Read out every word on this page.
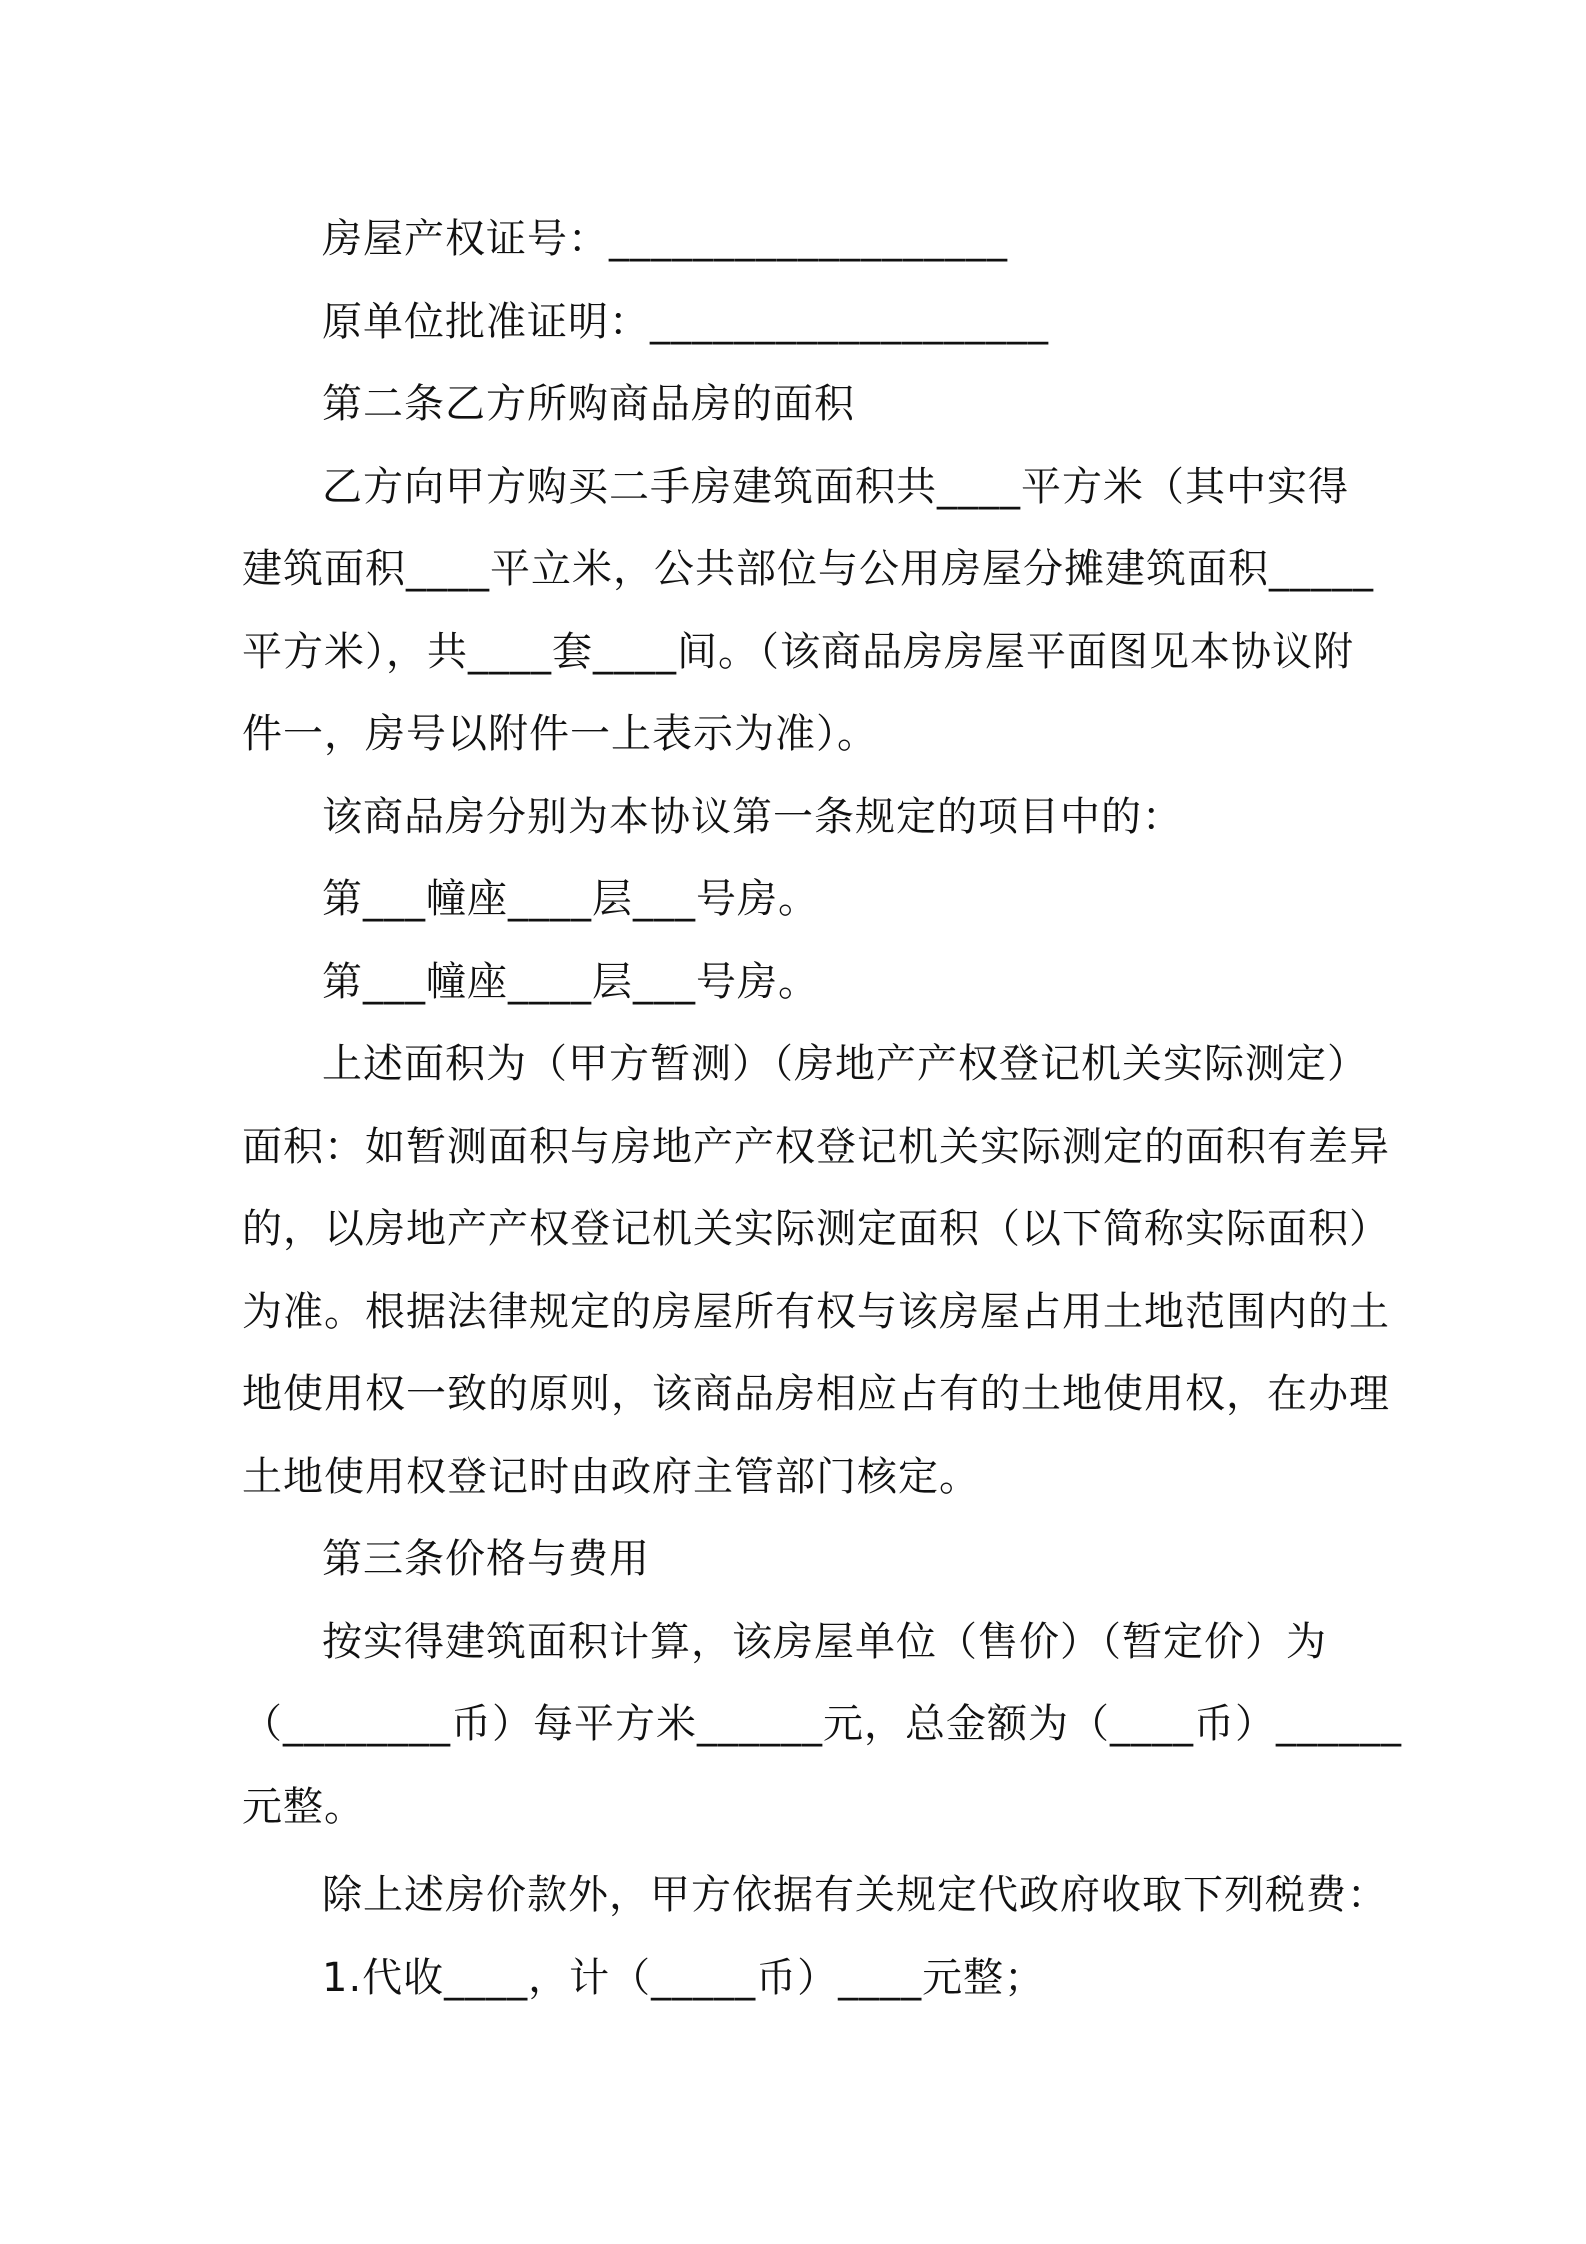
房屋产权证号：___________________
原单位批准证明：___________________
第二条乙方所购商品房的面积
乙方向甲方购买二手房建筑面积共____平方米（其中实得
建筑面积____平立米，公共部位与公用房屋分摊建筑面积_____
平方米），共____套____间。（该商品房房屋平面图见本协议附
件一，房号以附件一上表示为准）。
该商品房分别为本协议第一条规定的项目中的：
第___幢座____层___号房。
第___幢座____层___号房。
上述面积为（甲方暂测）（房地产产权登记机关实际测定）
面积：如暂测面积与房地产产权登记机关实际测定的面积有差异
的，以房地产产权登记机关实际测定面积（以下简称实际面积）
为准。根据法律规定的房屋所有权与该房屋占用土地范围内的土
地使用权一致的原则，该商品房相应占有的土地使用权，在办理
土地使用权登记时由政府主管部门核定。
第三条价格与费用
按实得建筑面积计算，该房屋单位（售价）（暂定价）为
（________币）每平方米______元，总金额为（____币）______
元整。
除上述房价款外，甲方依据有关规定代政府收取下列税费：
1.代收____，计（_____币）____元整；
